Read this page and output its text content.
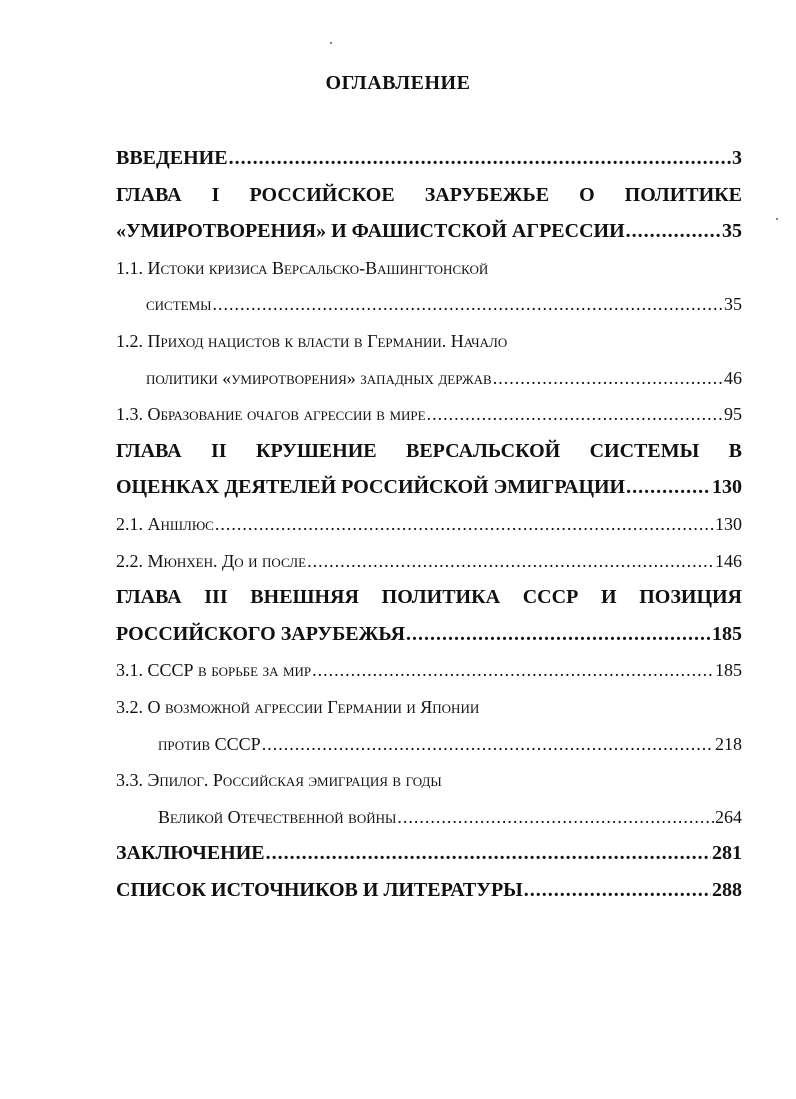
ОГЛАВЛЕНИЕ
ВВЕДЕНИЕ .....	3
ГЛАВА I РОССИЙСКОЕ ЗАРУБЕЖЬЕ О ПОЛИТИКЕ
«УМИРОТВОРЕНИЯ» И ФАШИСТСКОЙ АГРЕССИИ .....	35
1.1. Истоки кризиса Версальско-Вашингтонской
системы .....	35
1.2. Приход нацистов к власти в Германии. Начало
политики «умиротворения» западных держав .....	46
1.3. Образование очагов агрессии в мире .....	95
ГЛАВА II КРУШЕНИЕ ВЕРСАЛЬСКОЙ СИСТЕМЫ В
ОЦЕНКАХ ДЕЯТЕЛЕЙ РОССИЙСКОЙ ЭМИГРАЦИИ .....	130
2.1. Аншлюс .....	130
2.2. Мюнхен. До и после .....	146
ГЛАВА III ВНЕШНЯЯ ПОЛИТИКА СССР И ПОЗИЦИЯ
РОССИЙСКОГО ЗАРУБЕЖЬЯ .....	185
3.1. СССР в борьбе за мир .....	185
3.2. О возможной агрессии Германии и Японии
против СССР .....	218
3.3. Эпилог. Российская эмиграция в годы
Великой Отечественной войны .....	264
ЗАКЛЮЧЕНИЕ .....	281
СПИСОК ИСТОЧНИКОВ И ЛИТЕРАТУРЫ .....	288
